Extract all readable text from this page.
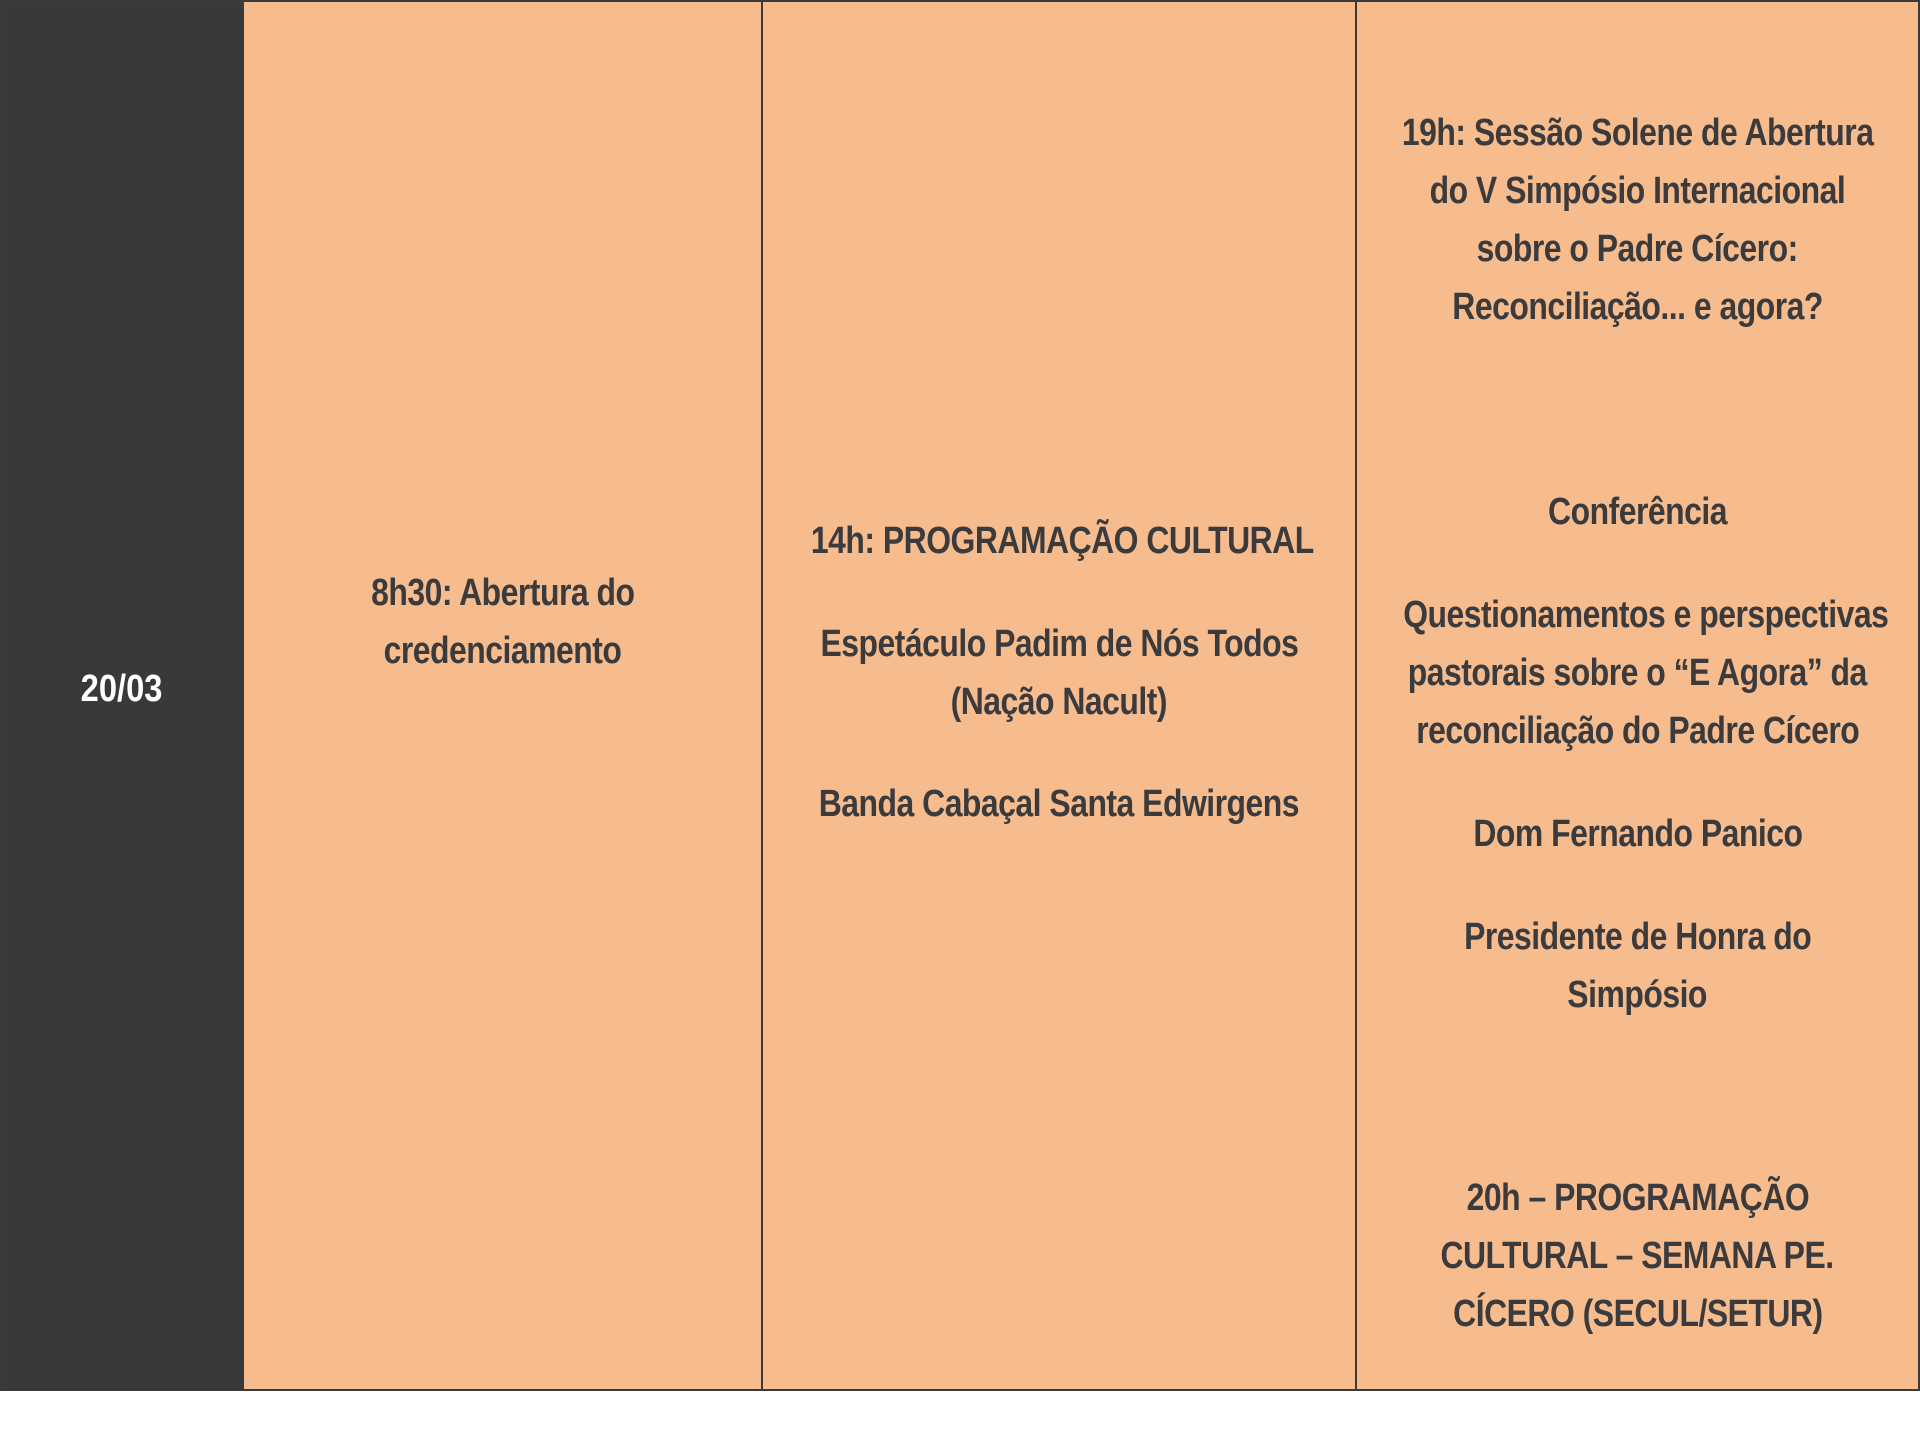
20/03

8h30: Abertura do

credenciamento

14h: PROGRAMAÇÃO CULTURAL

Espetáculo Padim de Nós Todos

(Nação Nacult)

Banda Cabaçal Santa Edwirgens

19h: Sessão Solene de Abertura

do V Simpósio Internacional

sobre o Padre Cícero:

Reconciliação... e agora?

Conferência

Questionamentos e perspectivas

pastorais sobre o “E Agora” da

reconciliação do Padre Cícero

Dom Fernando Panico

Presidente de Honra do

Simpósio

20h – PROGRAMAÇÃO

CULTURAL – SEMANA PE.

CÍCERO (SECUL/SETUR)
